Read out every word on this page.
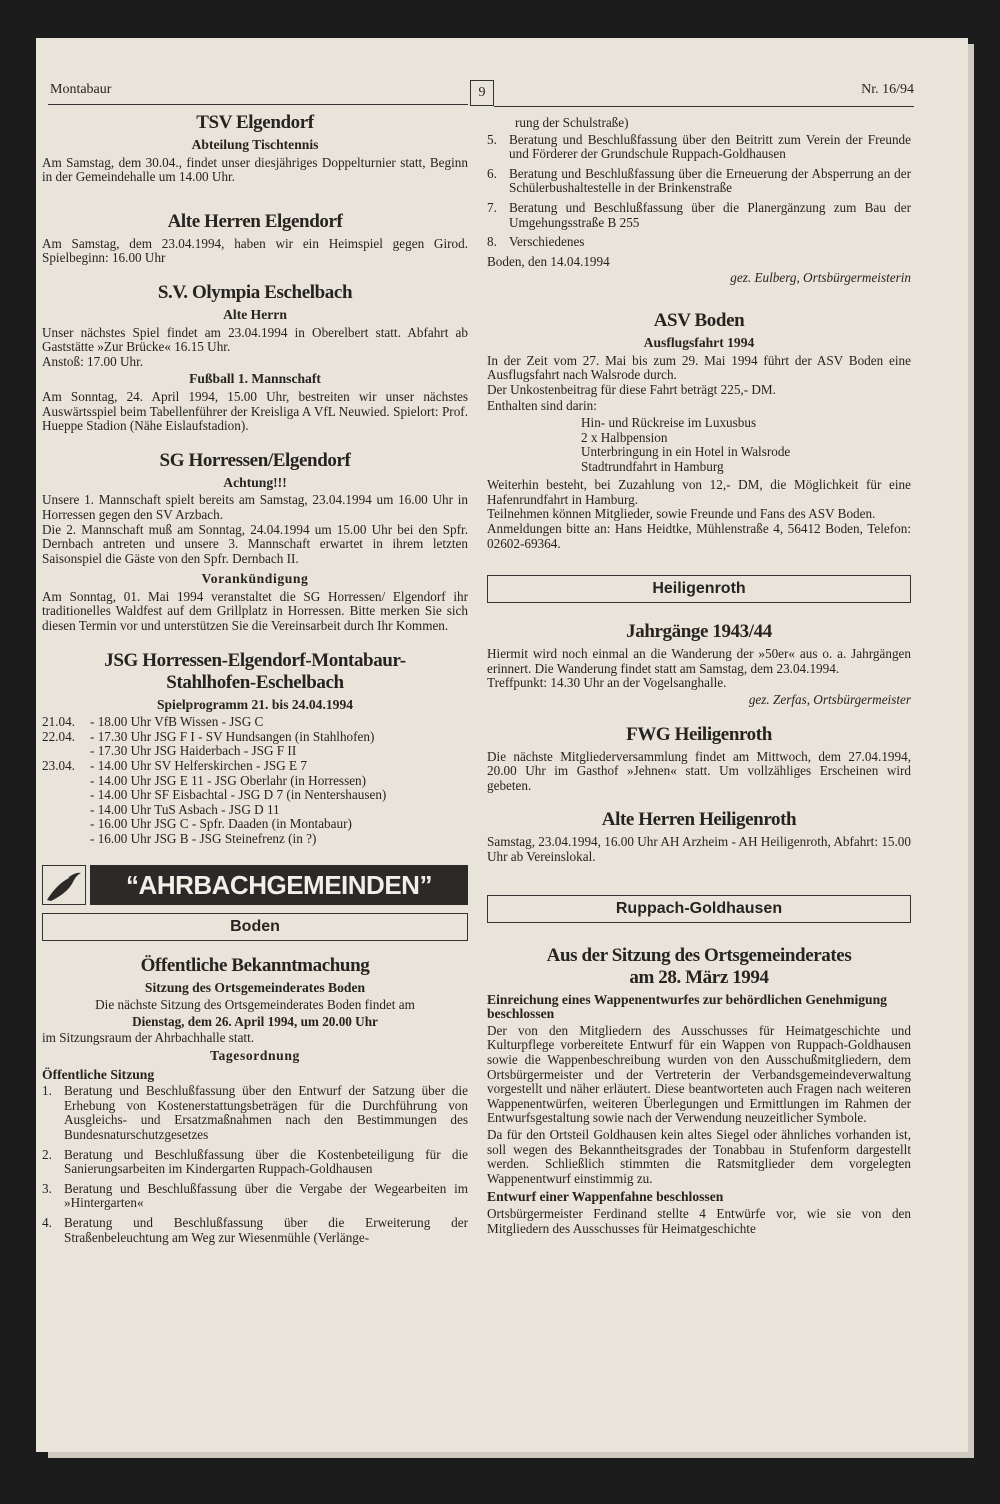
Montabaur	9	Nr. 16/94
TSV Elgendorf
Abteilung Tischtennis
Am Samstag, dem 30.04., findet unser diesjähriges Doppelturnier statt, Beginn in der Gemeindehalle um 14.00 Uhr.
Alte Herren Elgendorf
Am Samstag, dem 23.04.1994, haben wir ein Heimspiel gegen Girod. Spielbeginn: 16.00 Uhr
S.V. Olympia Eschelbach
Alte Herrn
Unser nächstes Spiel findet am 23.04.1994 in Oberelbert statt. Abfahrt ab Gaststätte »Zur Brücke« 16.15 Uhr.
Anstoß: 17.00 Uhr.
Fußball 1. Mannschaft
Am Sonntag, 24. April 1994, 15.00 Uhr, bestreiten wir unser nächstes Auswärtsspiel beim Tabellenführer der Kreisliga A VfL Neuwied. Spielort: Prof. Hueppe Stadion (Nähe Eislaufstadion).
SG Horressen/Elgendorf
Achtung!!!
Unsere 1. Mannschaft spielt bereits am Samstag, 23.04.1994 um 16.00 Uhr in Horressen gegen den SV Arzbach.
Die 2. Mannschaft muß am Sonntag, 24.04.1994 um 15.00 Uhr bei den Spfr. Dernbach antreten und unsere 3. Mannschaft erwartet in ihrem letzten Saisonspiel die Gäste von den Spfr. Dernbach II.
Vorankündigung
Am Sonntag, 01. Mai 1994 veranstaltet die SG Horressen/ Elgendorf ihr traditionelles Waldfest auf dem Grillplatz in Horressen. Bitte merken Sie sich diesen Termin vor und unterstützen Sie die Vereinsarbeit durch Ihr Kommen.
JSG Horressen-Elgendorf-Montabaur-
Stahlhofen-Eschelbach
Spielprogramm 21. bis 24.04.1994
21.04.	- 18.00 Uhr VfB Wissen - JSG C
22.04.	- 17.30 Uhr JSG F I - SV Hundsangen (in Stahlhofen)
- 17.30 Uhr JSG Haiderbach - JSG F II
23.04.	- 14.00 Uhr SV Helferskirchen - JSG E 7
- 14.00 Uhr JSG E 11 - JSG Oberlahr (in Horressen)
- 14.00 Uhr SF Eisbachtal - JSG D 7 (in Nentershausen)
- 14.00 Uhr TuS Asbach - JSG D 11
- 16.00 Uhr JSG C - Spfr. Daaden (in Montabaur)
- 16.00 Uhr JSG B - JSG Steinefrenz (in ?)
“AHRBACHGEMEINDEN”
Boden
Öffentliche Bekanntmachung
Sitzung des Ortsgemeinderates Boden
Die nächste Sitzung des Ortsgemeinderates Boden findet am
Dienstag, dem 26. April 1994, um 20.00 Uhr
im Sitzungsraum der Ahrbachhalle statt.
Tagesordnung
Öffentliche Sitzung
1. Beratung und Beschlußfassung über den Entwurf der Satzung über die Erhebung von Kostenerstattungsbeträgen für die Durchführung von Ausgleichs- und Ersatzmaßnahmen nach den Bestimmungen des Bundesnaturschutzgesetzes
2. Beratung und Beschlußfassung über die Kostenbeteiligung für die Sanierungsarbeiten im Kindergarten Ruppach-Goldhausen
3. Beratung und Beschlußfassung über die Vergabe der Wegearbeiten im »Hintergarten«
4. Beratung und Beschlußfassung über die Erweiterung der Straßenbeleuchtung am Weg zur Wiesenmühle (Verlänge-
rung der Schulstraße)
5. Beratung und Beschlußfassung über den Beitritt zum Verein der Freunde und Förderer der Grundschule Ruppach-Goldhausen
6. Beratung und Beschlußfassung über die Erneuerung der Absperrung an der Schülerbushaltestelle in der Brinkenstraße
7. Beratung und Beschlußfassung über die Planergänzung zum Bau der Umgehungsstraße B 255
8. Verschiedenes
Boden, den 14.04.1994
gez. Eulberg, Ortsbürgermeisterin
ASV Boden
Ausflugsfahrt 1994
In der Zeit vom 27. Mai bis zum 29. Mai 1994 führt der ASV Boden eine Ausflugsfahrt nach Walsrode durch.
Der Unkostenbeitrag für diese Fahrt beträgt 225,- DM.
Enthalten sind darin:
Hin- und Rückreise im Luxusbus
2 x Halbpension
Unterbringung in ein Hotel in Walsrode
Stadtrundfahrt in Hamburg
Weiterhin besteht, bei Zuzahlung von 12,- DM, die Möglichkeit für eine Hafenrundfahrt in Hamburg.
Teilnehmen können Mitglieder, sowie Freunde und Fans des ASV Boden.
Anmeldungen bitte an: Hans Heidtke, Mühlenstraße 4, 56412 Boden, Telefon: 02602-69364.
Heiligenroth
Jahrgänge 1943/44
Hiermit wird noch einmal an die Wanderung der »50er« aus o. a. Jahrgängen erinnert. Die Wanderung findet statt am Samstag, dem 23.04.1994.
Treffpunkt: 14.30 Uhr an der Vogelsanghalle.
gez. Zerfas, Ortsbürgermeister
FWG Heiligenroth
Die nächste Mitgliederversammlung findet am Mittwoch, dem 27.04.1994, 20.00 Uhr im Gasthof »Jehnen« statt. Um vollzähliges Erscheinen wird gebeten.
Alte Herren Heiligenroth
Samstag, 23.04.1994, 16.00 Uhr AH Arzheim - AH Heiligenroth, Abfahrt: 15.00 Uhr ab Vereinslokal.
Ruppach-Goldhausen
Aus der Sitzung des Ortsgemeinderates
am 28. März 1994
Einreichung eines Wappenentwurfes zur behördlichen Genehmigung beschlossen
Der von den Mitgliedern des Ausschusses für Heimatgeschichte und Kulturpflege vorbereitete Entwurf für ein Wappen von Ruppach-Goldhausen sowie die Wappenbeschreibung wurden von den Ausschußmitgliedern, dem Ortsbürgermeister und der Vertreterin der Verbandsgemeindeverwaltung vorgestellt und näher erläutert. Diese beantworteten auch Fragen nach weiteren Wappenentwürfen, weiteren Überlegungen und Ermittlungen im Rahmen der Entwurfsgestaltung sowie nach der Verwendung neuzeitlicher Symbole.
Da für den Ortsteil Goldhausen kein altes Siegel oder ähnliches vorhanden ist, soll wegen des Bekanntheitsgrades der Tonabbau in Stufenform dargestellt werden. Schließlich stimmten die Ratsmitglieder dem vorgelegten Wappenentwurf einstimmig zu.
Entwurf einer Wappenfahne beschlossen
Ortsbürgermeister Ferdinand stellte 4 Entwürfe vor, wie sie von den Mitgliedern des Ausschusses für Heimatgeschichte
